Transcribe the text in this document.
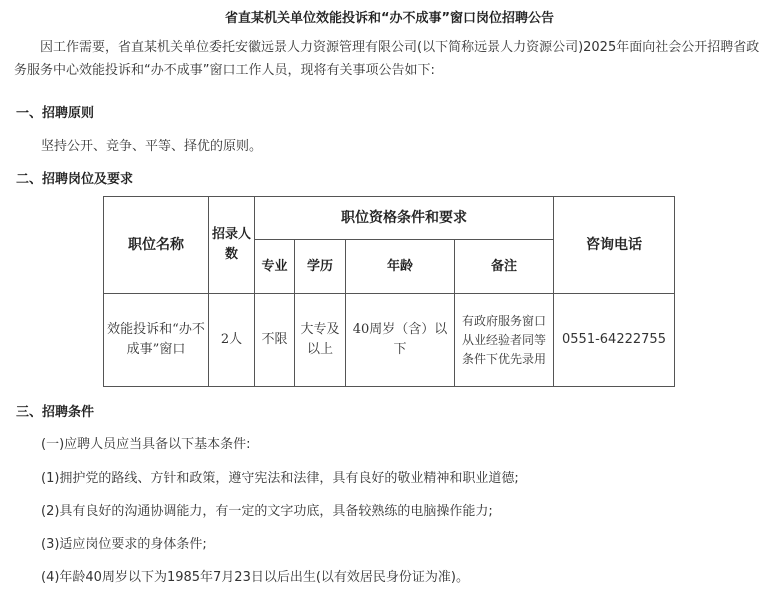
省直某机关单位效能投诉和“办不成事”窗口岗位招聘公告
因工作需要，省直某机关单位委托安徽远景人力资源管理有限公司(以下简称远景人力资源公司)2025年面向社会公开招聘省政务服务中心效能投诉和“办不成事”窗口工作人员，现将有关事项公告如下:
一、招聘原则
坚持公开、竞争、平等、择优的原则。
二、招聘岗位及要求
职位名称	招录人数	职位资格条件和要求				咨询电话
		专业	学历	年龄	备注	
效能投诉和“办不成事”窗口	2人	不限	大专及以上	40周岁（含）以下	有政府服务窗口从业经验者同等条件下优先录用	0551-64222755
三、招聘条件
(一)应聘人员应当具备以下基本条件:
(1)拥护党的路线、方针和政策，遵守宪法和法律，具有良好的敬业精神和职业道德;
(2)具有良好的沟通协调能力，有一定的文字功底，具备较熟练的电脑操作能力;
(3)适应岗位要求的身体条件;
(4)年龄40周岁以下为1985年7月23日以后出生(以有效居民身份证为准)。
